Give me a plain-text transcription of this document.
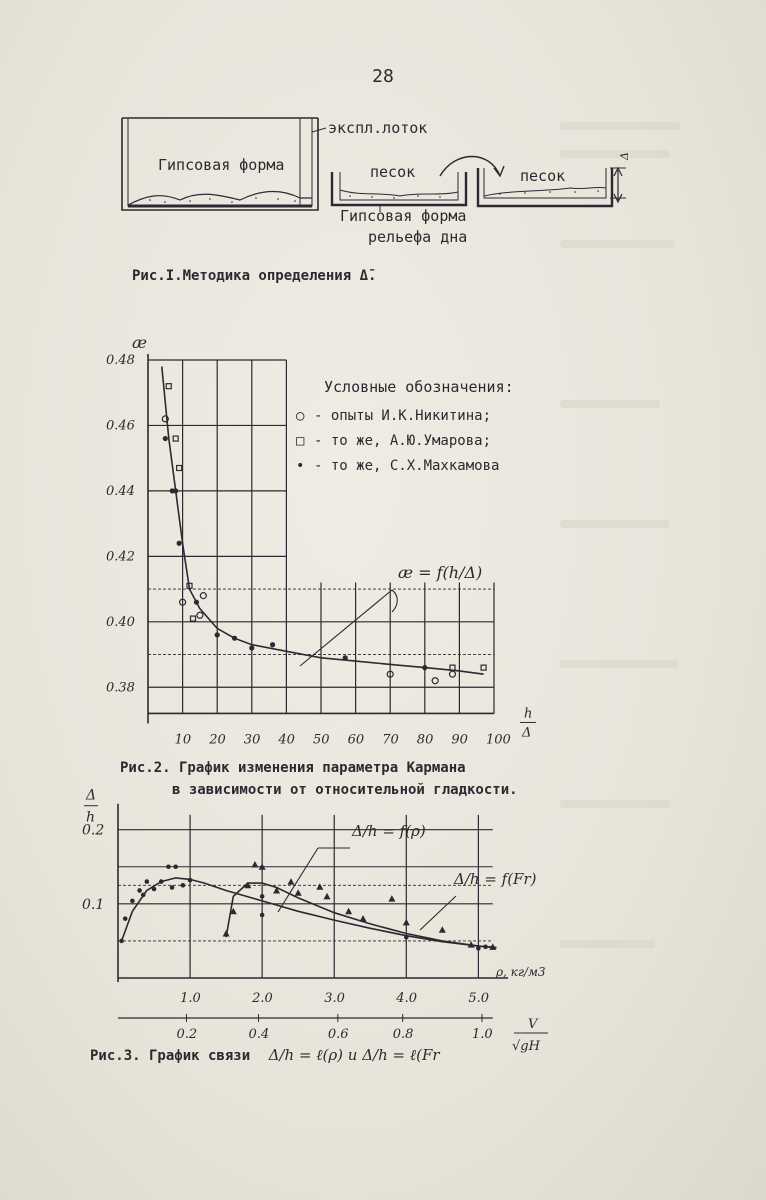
28
экспл.лоток
Гипсовая форма	песок	песок
Гипсовая форма
рельефа дна
Δ
Рис.I.Методика определения Δ̄.
0.38
0.40
0.42
0.44
0.46
0.48
10 20 30 40 50 60 70 80 90 100
æ
h
Δ
Условные обозначения:
○ - опыты И.К.Никитина;
□ - то же, А.Ю.Умарова;
• - то же, С.Х.Махкамова
æ = f(h/Δ)
Рис.2. График изменения параметра Кармана
в зависимости от относительной гладкости.
0.1
0.2
1.0	2.0	3.0	4.0	5.0
0.2	0.4	0.6	0.8	1.0
Δ
h
ρ, кг/м3
V
√gH
Δ/h = f(ρ)
Δ/h = f(Fr)
Рис.3. График связи Δ/h = ℓ(ρ) и Δ/h = ℓ(Fr
